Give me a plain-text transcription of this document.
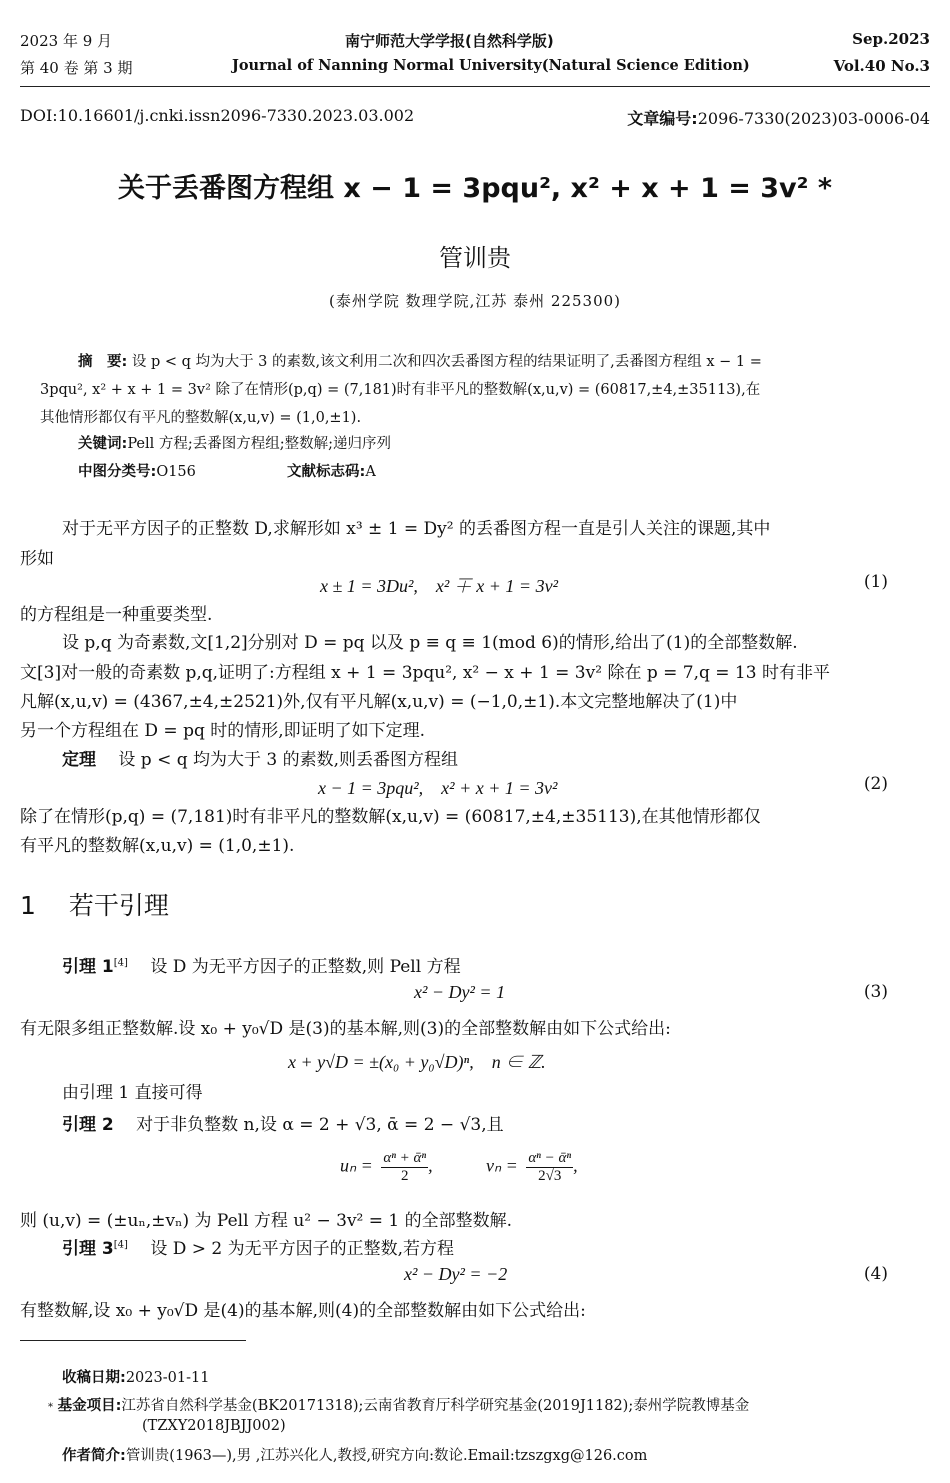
2023 年 9 月
第 40 卷 第 3 期
南宁师范大学学报(自然科学版)
Journal of Nanning Normal University(Natural Science Edition)
Sep.2023
Vol.40 No.3
DOI:10.16601/j.cnki.issn2096-7330.2023.03.002	文章编号:2096-7330(2023)03-0006-04
关于丢番图方程组 x − 1 = 3pqu², x² + x + 1 = 3v² *
管训贵
(泰州学院 数理学院,江苏 泰州 225300)
摘　要: 设 p < q 均为大于 3 的素数,该文利用二次和四次丢番图方程的结果证明了,丢番图方程组 x − 1 =
3pqu², x² + x + 1 = 3v² 除了在情形(p,q) = (7,181)时有非平凡的整数解(x,u,v) = (60817,±4,±35113),在
其他情形都仅有平凡的整数解(x,u,v) = (1,0,±1).
关键词:Pell 方程;丢番图方程组;整数解;递归序列
中图分类号:O156	文献标志码:A
对于无平方因子的正整数 D,求解形如 x³ ± 1 = Dy² 的丢番图方程一直是引人关注的课题,其中
形如
x ± 1 = 3Du²,　x² ∓ x + 1 = 3v²	(1)
的方程组是一种重要类型.
设 p,q 为奇素数,文[1,2]分别对 D = pq 以及 p ≡ q ≡ 1(mod 6)的情形,给出了(1)的全部整数解.
文[3]对一般的奇素数 p,q,证明了:方程组 x + 1 = 3pqu², x² − x + 1 = 3v² 除在 p = 7,q = 13 时有非平
凡解(x,u,v) = (4367,±4,±2521)外,仅有平凡解(x,u,v) = (−1,0,±1).本文完整地解决了(1)中
另一个方程组在 D = pq 时的情形,即证明了如下定理.
定理　 设 p < q 均为大于 3 的素数,则丢番图方程组
x − 1 = 3pqu²,　x² + x + 1 = 3v²	(2)
除了在情形(p,q) = (7,181)时有非平凡的整数解(x,u,v) = (60817,±4,±35113),在其他情形都仅
有平凡的整数解(x,u,v) = (1,0,±1).
1　 若干引理
引理 1[4]　 设 D 为无平方因子的正整数,则 Pell 方程
x² − Dy² = 1	(3)
有无限多组正整数解.设 x₀ + y₀√D 是(3)的基本解,则(3)的全部整数解由如下公式给出:
x + y√D = ±(x₀ + y₀√D)ⁿ,　n ∈ ℤ.
由引理 1 直接可得
引理 2　 对于非负整数 n,设 α = 2 + √3, ᾱ = 2 − √3,且
$u_n = \frac{\text{αⁿ + ᾱⁿ}}{2}$ ,	$v_n = \frac{\text{αⁿ − ᾱⁿ}}{2√3}$ ,
则 (u,v) = (±uₙ,±vₙ) 为 Pell 方程 u² − 3v² = 1 的全部整数解.
引理 3[4]　 设 D > 2 为无平方因子的正整数,若方程
x² − Dy² = −2	(4)
有整数解,设 x₀ + y₀√D 是(4)的基本解,则(4)的全部整数解由如下公式给出:
收稿日期:2023-01-11
* 基金项目:江苏省自然科学基金(BK20171318);云南省教育厅科学研究基金(2019J1182);泰州学院教博基金
(TZXY2018JBJJ002)
作者简介:管训贵(1963—),男 ,江苏兴化人,教授,研究方向:数论.Email:tzszgxg@126.com
